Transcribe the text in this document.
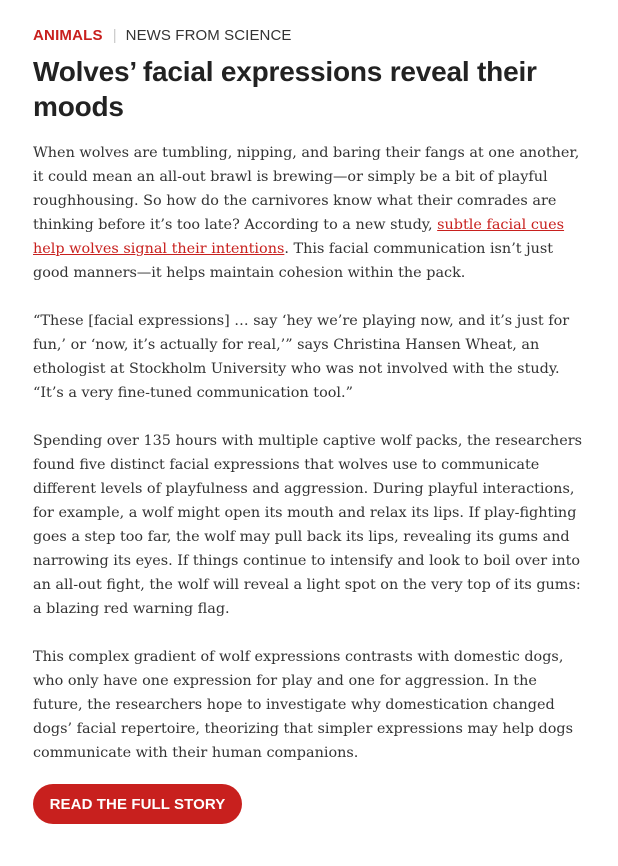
ANIMALS | NEWS FROM SCIENCE
Wolves’ facial expressions reveal their moods

When wolves are tumbling, nipping, and baring their fangs at one another, it could mean an all-out brawl is brewing—or simply be a bit of playful roughhousing. So how do the carnivores know what their comrades are thinking before it’s too late? According to a new study, subtle facial cues help wolves signal their intentions. This facial communication isn’t just good manners—it helps maintain cohesion within the pack.

“These [facial expressions] … say ‘hey we’re playing now, and it’s just for fun,’ or ‘now, it’s actually for real,’” says Christina Hansen Wheat, an ethologist at Stockholm University who was not involved with the study. “It’s a very fine-tuned communication tool.”

Spending over 135 hours with multiple captive wolf packs, the researchers found five distinct facial expressions that wolves use to communicate different levels of playfulness and aggression. During playful interactions, for example, a wolf might open its mouth and relax its lips. If play-fighting goes a step too far, the wolf may pull back its lips, revealing its gums and narrowing its eyes. If things continue to intensify and look to boil over into an all-out fight, the wolf will reveal a light spot on the very top of its gums: a blazing red warning flag.

This complex gradient of wolf expressions contrasts with domestic dogs, who only have one expression for play and one for aggression. In the future, the researchers hope to investigate why domestication changed dogs’ facial repertoire, theorizing that simpler expressions may help dogs communicate with their human companions.

READ THE FULL STORY
